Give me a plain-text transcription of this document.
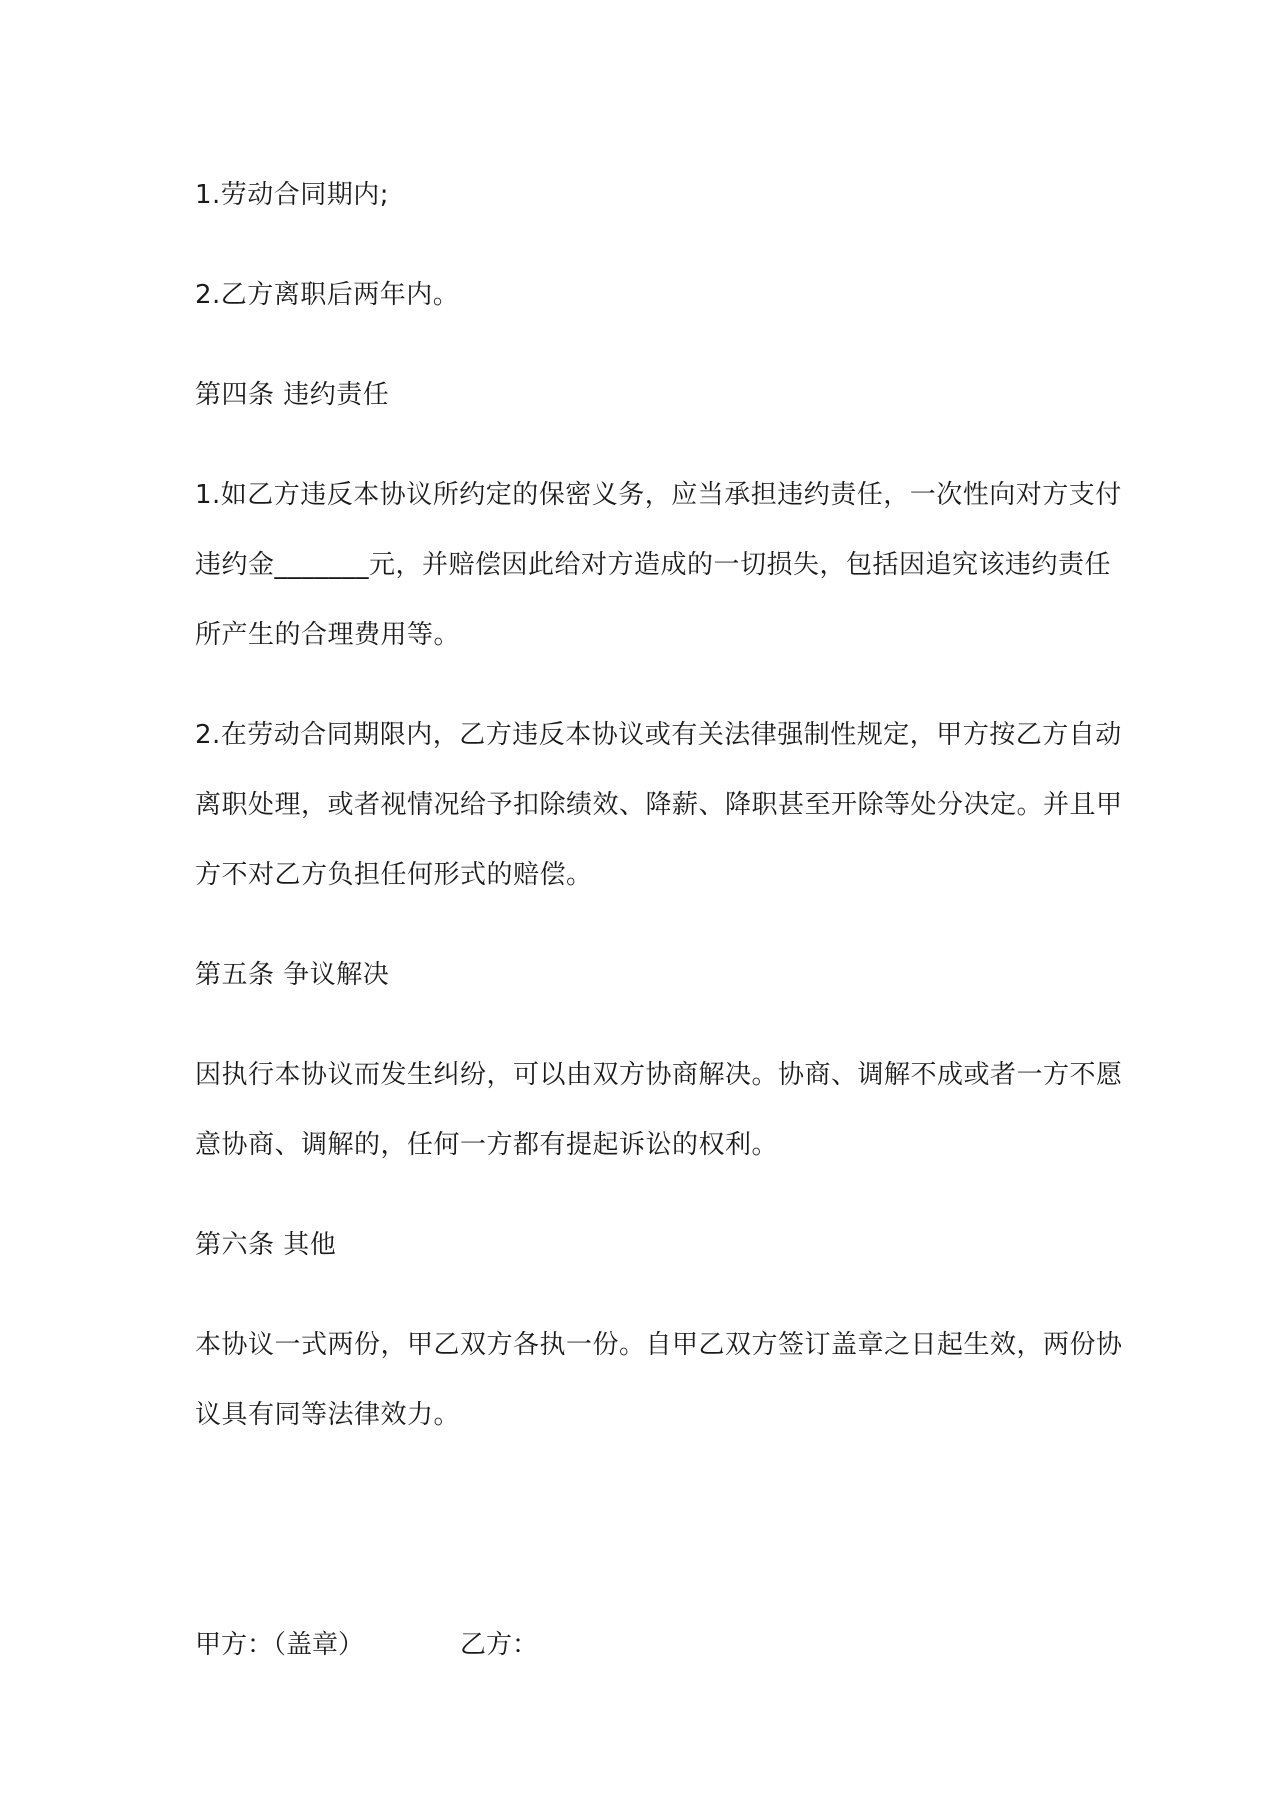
1.劳动合同期内;
2.乙方离职后两年内。
第四条 违约责任
1.如乙方违反本协议所约定的保密义务，应当承担违约责任，一次性向对方支付
违约金_______元，并赔偿因此给对方造成的一切损失，包括因追究该违约责任
所产生的合理费用等。
2.在劳动合同期限内，乙方违反本协议或有关法律强制性规定，甲方按乙方自动
离职处理，或者视情况给予扣除绩效、降薪、降职甚至开除等处分决定。并且甲
方不对乙方负担任何形式的赔偿。
第五条 争议解决
因执行本协议而发生纠纷，可以由双方协商解决。协商、调解不成或者一方不愿
意协商、调解的，任何一方都有提起诉讼的权利。
第六条 其他
本协议一式两份，甲乙双方各执一份。自甲乙双方签订盖章之日起生效，两份协
议具有同等法律效力。
甲方：（盖章）	乙方：
